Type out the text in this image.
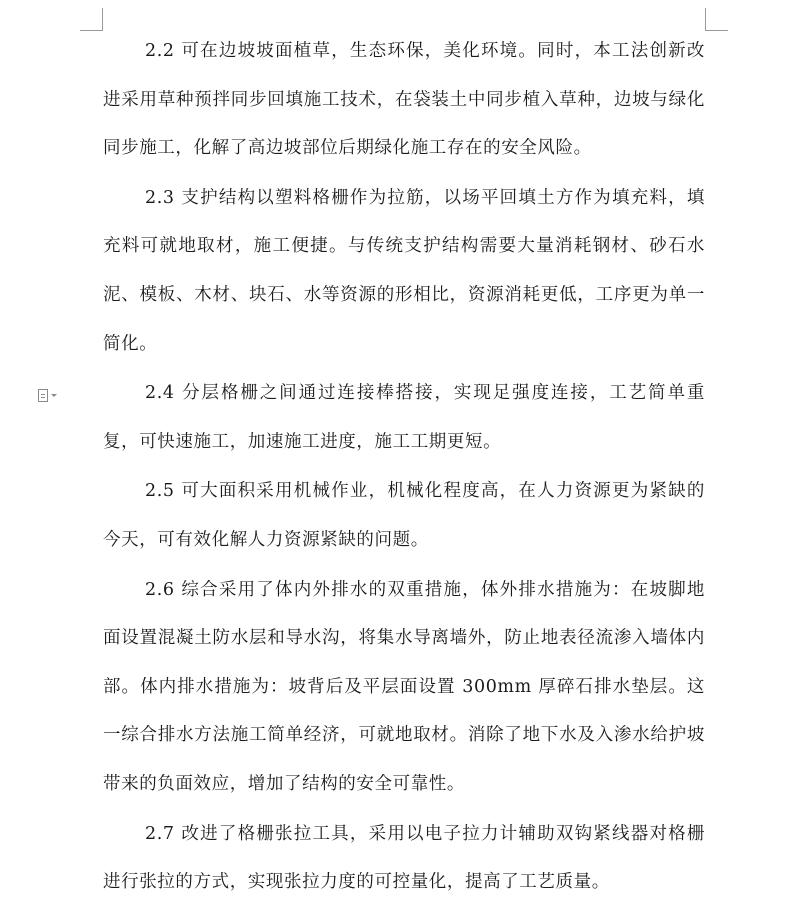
2.2 可在边坡坡面植草，生态环保，美化环境。同时，本工法创新改进采用草种预拌同步回填施工技术，在袋装土中同步植入草种，边坡与绿化同步施工，化解了高边坡部位后期绿化施工存在的安全风险。

2.3 支护结构以塑料格栅作为拉筋，以场平回填土方作为填充料，填充料可就地取材，施工便捷。与传统支护结构需要大量消耗钢材、砂石水泥、模板、木材、块石、水等资源的形相比，资源消耗更低，工序更为单一简化。

2.4 分层格栅之间通过连接棒搭接，实现足强度连接，工艺简单重复，可快速施工，加速施工进度，施工工期更短。

2.5 可大面积采用机械作业，机械化程度高，在人力资源更为紧缺的今天，可有效化解人力资源紧缺的问题。

2.6 综合采用了体内外排水的双重措施，体外排水措施为：在坡脚地面设置混凝土防水层和导水沟，将集水导离墙外，防止地表径流渗入墙体内部。体内排水措施为：坡背后及平层面设置 300mm 厚碎石排水垫层。这一综合排水方法施工简单经济，可就地取材。消除了地下水及入渗水给护坡带来的负面效应，增加了结构的安全可靠性。

2.7 改进了格栅张拉工具，采用以电子拉力计辅助双钩紧线器对格栅进行张拉的方式，实现张拉力度的可控量化，提高了工艺质量。
